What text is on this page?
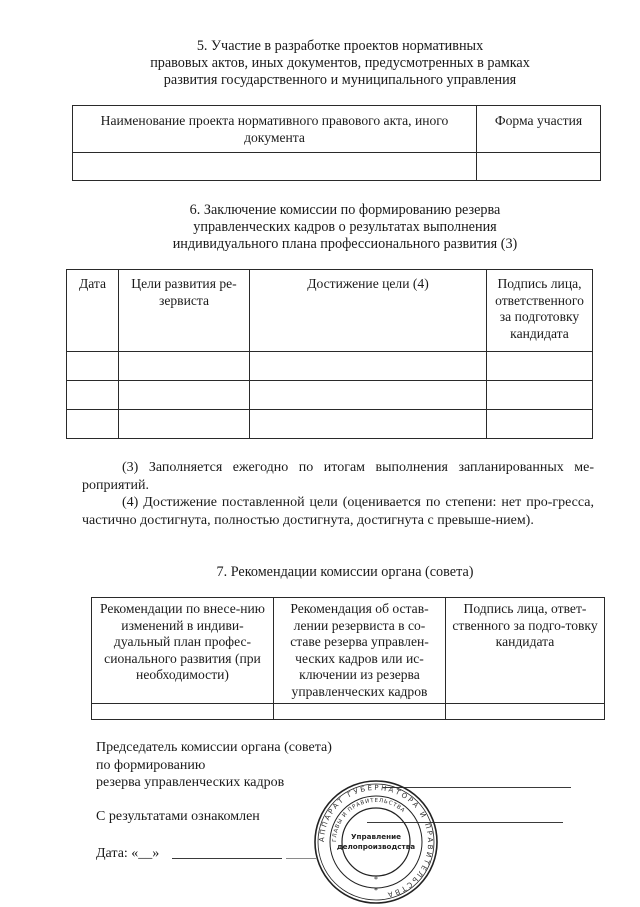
5. Участие в разработке проектов нормативных
правовых актов, иных документов, предусмотренных в рамках
развития государственного и муниципального управления
Наименование проекта нормативного правового акта, иного документа	Форма участия

6. Заключение комиссии по формированию резерва
управленческих кадров о результатах выполнения
индивидуального плана профессионального развития (3)
Дата	Цели развития ре-зервиста	Достижение цели (4)	Подпись лица, ответственного за подготовку кандидата

(3) Заполняется ежегодно по итогам выполнения запланированных ме-роприятий.

(4) Достижение поставленной цели (оценивается по степени: нет про-гресса, частично достигнута, полностью достигнута, достигнута с превыше-нием).

7. Рекомендации комиссии органа (совета)
Рекомендации по внесе-нию изменений в индиви-дуальный план профес-сионального развития (при необходимости)	Рекомендация об остав-лении резервиста в со-ставе резерва управлен-ческих кадров или ис-ключении из резерва управленческих кадров	Подпись лица, ответ-ственного за подго-товку кандидата

Председатель комиссии органа (совета)
по формированию
резерва управленческих кадров
С результатами ознакомлен
Дата: «__»
АППАРАТ ГУБЕРНАТОРА И ПРАВИТЕЛЬСТВА
ГЛАВЫ И ПРАВИТЕЛЬСТВА
Управление
делопроизводства
*
*
